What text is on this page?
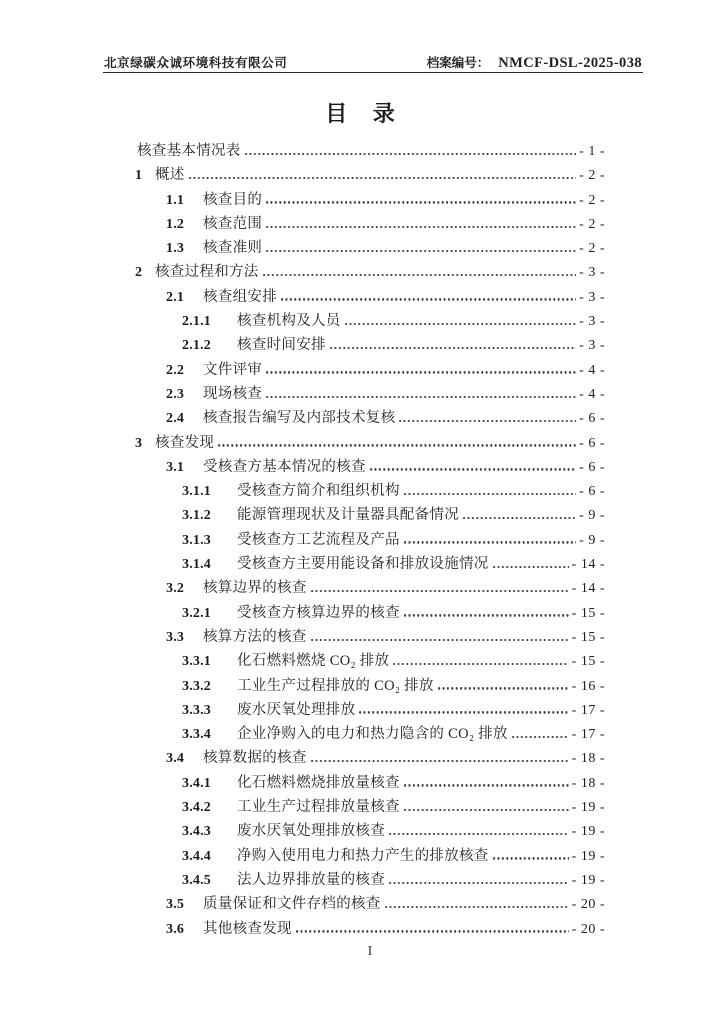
北京绿碳众诚环境科技有限公司	档案编号： NMCF-DSL-2025-038
目 录
核查基本情况表	- 1 -
1 概述	- 2 -
1.1	核查目的	- 2 -
1.2	核查范围	- 2 -
1.3	核查准则	- 2 -
2 核查过程和方法	- 3 -
2.1	核查组安排	- 3 -
2.1.1	核查机构及人员	- 3 -
2.1.2	核查时间安排	- 3 -
2.2	文件评审	- 4 -
2.3	现场核查	- 4 -
2.4	核查报告编写及内部技术复核	- 6 -
3 核查发现	- 6 -
3.1	受核查方基本情况的核查	- 6 -
3.1.1	受核查方简介和组织机构	- 6 -
3.1.2	能源管理现状及计量器具配备情况	- 9 -
3.1.3	受核查方工艺流程及产品	- 9 -
3.1.4	受核查方主要用能设备和排放设施情况	- 14 -
3.2	核算边界的核查	- 14 -
3.2.1	受核查方核算边界的核查	- 15 -
3.3	核算方法的核查	- 15 -
3.3.1	化石燃料燃烧 CO₂ 排放	- 15 -
3.3.2	工业生产过程排放的 CO₂ 排放	- 16 -
3.3.3	废水厌氧处理排放	- 17 -
3.3.4	企业净购入的电力和热力隐含的 CO₂ 排放	- 17 -
3.4	核算数据的核查	- 18 -
3.4.1	化石燃料燃烧排放量核查	- 18 -
3.4.2	工业生产过程排放量核查	- 19 -
3.4.3	废水厌氧处理排放核查	- 19 -
3.4.4	净购入使用电力和热力产生的排放核查	- 19 -
3.4.5	法人边界排放量的核查	- 19 -
3.5	质量保证和文件存档的核查	- 20 -
3.6	其他核查发现	- 20 -
I
